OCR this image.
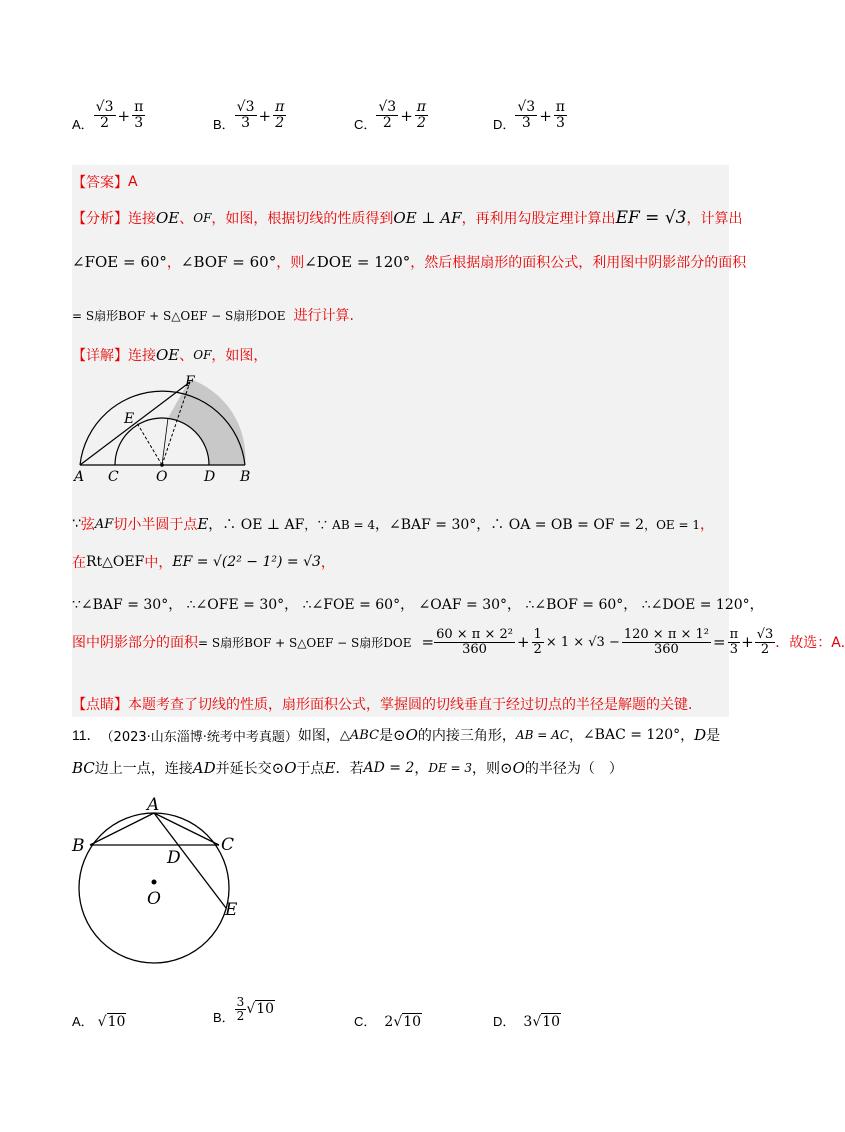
A． $\frac{√3}{2} + \frac{\pi}{3}$	B． $\frac{√3}{3} + \frac{\pi}{2}$	C． $\frac{√3}{2} + \frac{\pi}{2}$	D． $\frac{√3}{3} + \frac{\pi}{3}$
【答案】 A
【分析】 连接 OE 、 OF ，如图，根据切线的性质得到 OE ⊥ AF ，再利用勾股定理计算出 EF = √3 ，计算出
∠FOE = 60° ， ∠BOF = 60° ，则 ∠DOE = 120° ，然后根据扇形的面积公式，利用图中阴影部分的面积
= S扇形BOF + S△OEF − S扇形DOE 进行计算.
【详解】 连接 OE 、 OF ，如图，
A C	O	D B
E
F
∵ 弦 AF 切小半圆于点 E ，∴ OE ⊥ AF ，∵ AB = 4 ，∠BAF = 30° ，∴ OA = OB = OF = 2 ，OE = 1 ，
在 Rt△OEF 中， EF = √(2² − 1²) = √3 ，
∵∠BAF = 30°， ∴∠OFE = 30°， ∴∠FOE = 60°， ∠OAF = 30°， ∴∠BOF = 60°， ∴∠DOE = 120°，
图中阴影部分的面积 = S扇形BOF + S△OEF − S扇形DOE = $\frac{\text{60 × π × 2²}}{360} + \frac{1}{2} \times 1 \times √3 - \frac{\text{120 × π × 1²}}{360} = \frac{\pi}{3} + \frac{√3}{2}$ ．故选：A.
【点睛】 本题考查了切线的性质，扇形面积公式，掌握圆的切线垂直于经过切点的半径是解题的关键.
11． （2023·山东淄博·统考中考真题） 如图， △ABC 是 ⊙O 的内接三角形， AB = AC ， ∠BAC = 120° ， D 是
BC 边上一点，连接 AD 并延长交 ⊙O 于点 E ．若 AD = 2 ， DE = 3 ，则 ⊙O 的半径为（　）
A
B	C
D
O
E
A． √10	B． $\frac{3}{2} √10$
C． 2 √10	D． 3 √10
